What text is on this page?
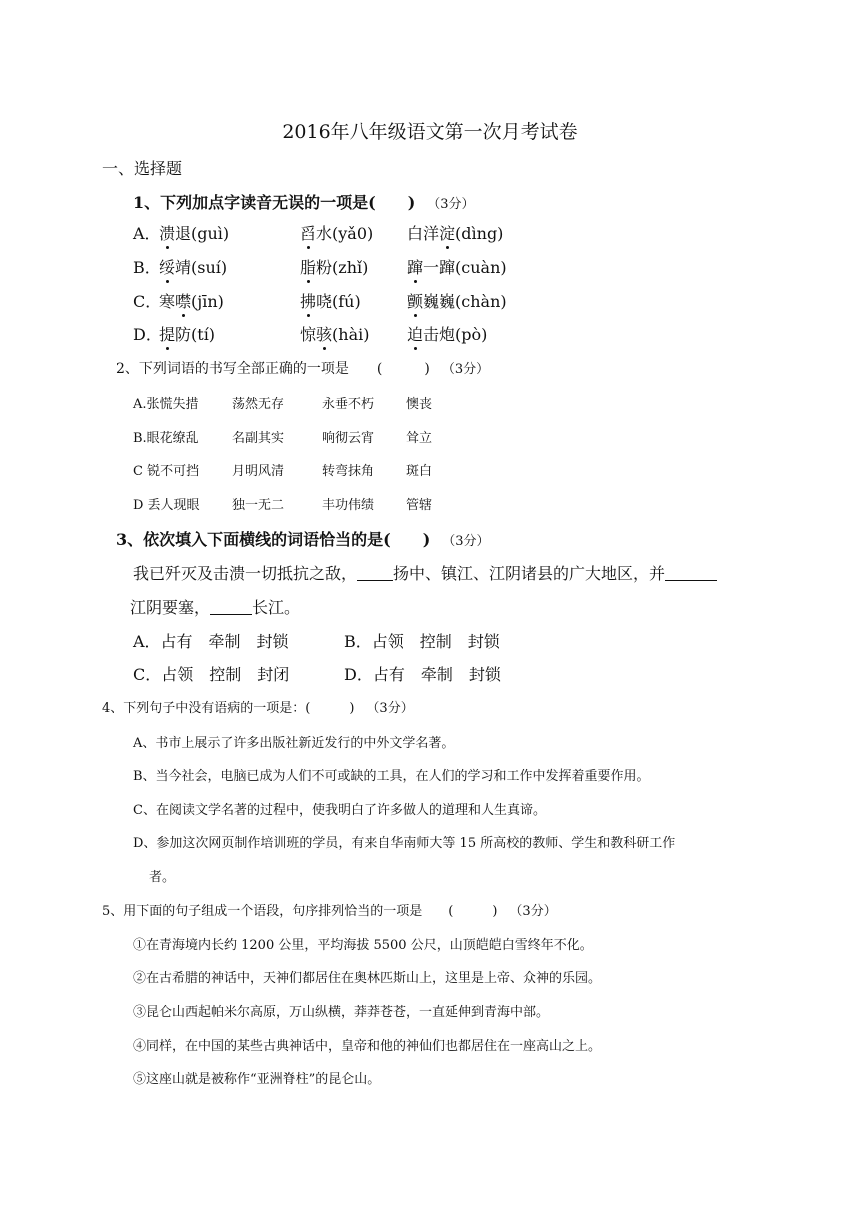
2016年八年级语文第一次月考试卷
一、选择题
1、下列加点字读音无误的一项是(　　) （3分）
A．
溃退(guì)	舀水(yǎ0) 白洋淀(dìng)
B．
绥靖(suí)	脂粉(zhǐ) 蹿一蹿(cuàn)
C．
寒噤(jīn)	拂哓(fú)	颤巍巍(chàn)
D．
提防(tí)	惊骇(hài) 迫击炮(pò)
2、下列词语的书写全部正确的一项是　　(　　　) （3分）
A.张慌失措	荡然无存	永垂不朽 懊丧
B.眼花缭乱	名副其实	响彻云宵 耸立
C 锐不可挡	月明风清	转弯抹角 斑白
D 丢人现眼 独一无二	丰功伟绩 管辖
3、依次填入下面横线的词语恰当的是(　　) （3分）
我已歼灭及击溃一切抵抗之敌， 扬中、镇江、江阴诸县的广大地区，并
江阴要塞，	长江。
A．占有　牵制　封锁	B．占领　控制　封锁
C．占领　控制　封闭	D．占有　牵制　封锁
4、下列句子中没有语病的一项是：(　　　) （3分）
A、书市上展示了许多出版社新近发行的中外文学名著。
B、当今社会，电脑已成为人们不可或缺的工具，在人们的学习和工作中发挥着重要作用。
C、在阅读文学名著的过程中，使我明白了许多做人的道理和人生真谛。
D、参加这次网页制作培训班的学员，有来自华南师大等 15 所高校的教师、学生和教科研工作
者。
5、用下面的句子组成一个语段，句序排列恰当的一项是　　(　　　) （3分）
①在青海境内长约 1200 公里，平均海拔 5500 公尺，山顶皑皑白雪终年不化。
②在古希腊的神话中，天神们都居住在奥林匹斯山上，这里是上帝、众神的乐园。
③昆仑山西起帕米尔高原，万山纵横，莽莽苍苍，一直延伸到青海中部。
④同样，在中国的某些古典神话中，皇帝和他的神仙们也都居住在一座高山之上。
⑤这座山就是被称作“亚洲脊柱”的昆仑山。
